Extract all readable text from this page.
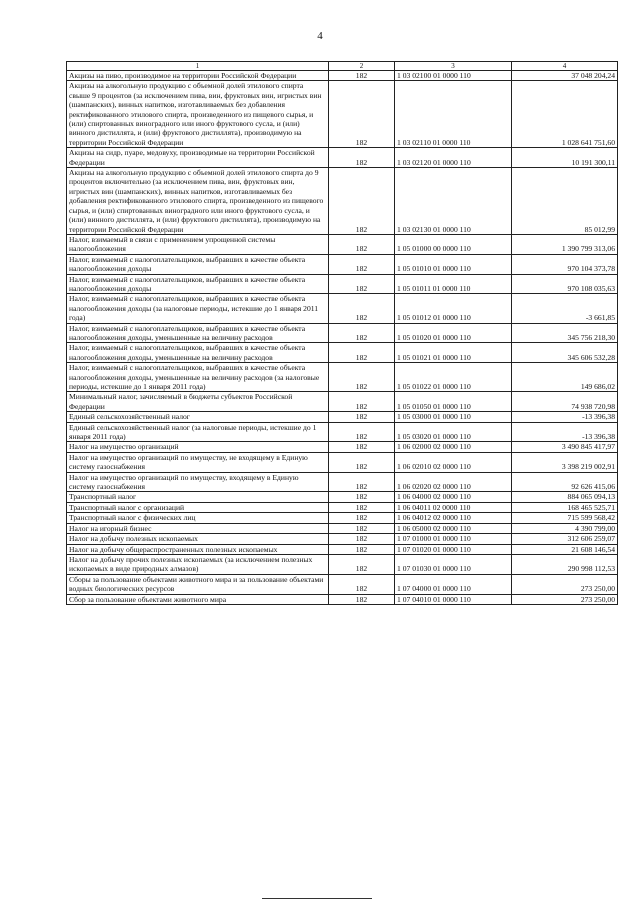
4
1	2	3	4
Акцизы на пиво, производимое на территории Российской Федерации	182	1 03 02100 01 0000 110	37 048 204,24
Акцизы на алкогольную продукцию с объемной долей этилового спирта свыше 9 процентов (за исключением пива, вин, фруктовых вин, игристых вин (шампанских), винных напитков, изготавливаемых без добавления ректификованного этилового спирта, произведенного из пищевого сырья, и (или) спиртованных виноградного или иного фруктового сусла, и (или) винного дистиллята, и (или) фруктового дистиллята), производимую на территории Российской Федерации	182	1 03 02110 01 0000 110	1 028 641 751,60
Акцизы на сидр, пуаре, медовуху, производимые на территории Российской Федерации	182	1 03 02120 01 0000 110	10 191 300,11
Акцизы на алкогольную продукцию с объемной долей этилового спирта до 9 процентов включительно (за исключением пива, вин, фруктовых вин, игристых вин (шампанских), винных напитков, изготавливаемых без добавления ректификованного этилового спирта, произведенного из пищевого сырья, и (или) спиртованных виноградного или иного фруктового сусла, и (или) винного дистиллята, и (или) фруктового дистиллята), производимую на территории Российской Федерации	182	1 03 02130 01 0000 110	85 012,99
Налог, взимаемый в связи с применением упрощенной системы налогообложения	182	1 05 01000 00 0000 110	1 390 799 313,06
Налог, взимаемый с налогоплательщиков, выбравших в качестве объекта налогообложения доходы	182	1 05 01010 01 0000 110	970 104 373,78
Налог, взимаемый с налогоплательщиков, выбравших в качестве объекта налогообложения доходы	182	1 05 01011 01 0000 110	970 108 035,63
Налог, взимаемый с налогоплательщиков, выбравших в качестве объекта налогообложения доходы (за налоговые периоды, истекшие до 1 января 2011 года)	182	1 05 01012 01 0000 110	-3 661,85
Налог, взимаемый с налогоплательщиков, выбравших в качестве объекта налогообложения доходы, уменьшенные на величину расходов	182	1 05 01020 01 0000 110	345 756 218,30
Налог, взимаемый с налогоплательщиков, выбравших в качестве объекта налогообложения доходы, уменьшенные на величину расходов	182	1 05 01021 01 0000 110	345 606 532,28
Налог, взимаемый с налогоплательщиков, выбравших в качестве объекта налогообложения доходы, уменьшенные на величину расходов (за налоговые периоды, истекшие до 1 января 2011 года)	182	1 05 01022 01 0000 110	149 686,02
Минимальный налог, зачисляемый в бюджеты субъектов Российской Федерации	182	1 05 01050 01 0000 110	74 938 720,98
Единый сельскохозяйственный налог	182	1 05 03000 01 0000 110	-13 396,38
Единый сельскохозяйственный налог (за налоговые периоды, истекшие до 1 января 2011 года)	182	1 05 03020 01 0000 110	-13 396,38
Налог на имущество организаций	182	1 06 02000 02 0000 110	3 490 845 417,97
Налог на имущество организаций по имуществу, не входящему в Единую систему газоснабжения	182	1 06 02010 02 0000 110	3 398 219 002,91
Налог на имущество организаций по имуществу, входящему в Единую систему газоснабжения	182	1 06 02020 02 0000 110	92 626 415,06
Транспортный налог	182	1 06 04000 02 0000 110	884 065 094,13
Транспортный налог с организаций	182	1 06 04011 02 0000 110	168 465 525,71
Транспортный налог с физических лиц	182	1 06 04012 02 0000 110	715 599 568,42
Налог на игорный бизнес	182	1 06 05000 02 0000 110	4 390 799,00
Налог на добычу полезных ископаемых	182	1 07 01000 01 0000 110	312 606 259,07
Налог на добычу общераспространенных полезных ископаемых	182	1 07 01020 01 0000 110	21 608 146,54
Налог на добычу прочих полезных ископаемых (за исключением полезных ископаемых в виде природных алмазов)	182	1 07 01030 01 0000 110	290 998 112,53
Сборы за пользование объектами животного мира и за пользование объектами водных биологических ресурсов	182	1 07 04000 01 0000 110	273 250,00
Сбор за пользование объектами животного мира	182	1 07 04010 01 0000 110	273 250,00
